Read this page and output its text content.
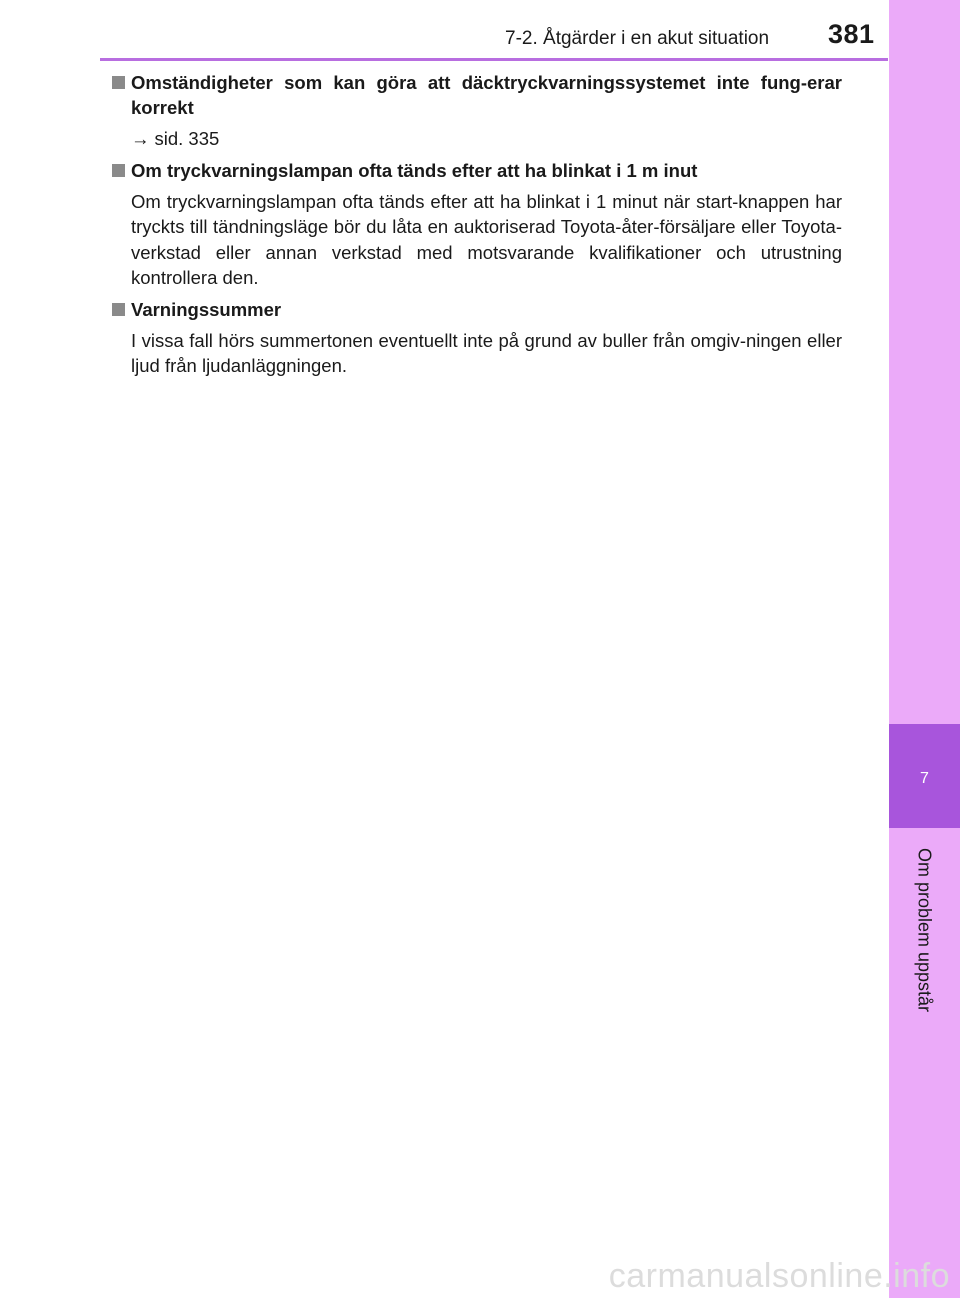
7-2. Åtgärder i en akut situation 381
7
Om problem uppstår
Omständigheter som kan göra att däcktryckvarningssystemet inte fung-erar korrekt
→ sid. 335
Om tryckvarningslampan ofta tänds efter att ha blinkat i 1 m inut
Om tryckvarningslampan ofta tänds efter att ha blinkat i 1 minut när start-knappen har tryckts till tändningsläge bör du låta en auktoriserad Toyota-åter-försäljare eller Toyota-verkstad eller annan verkstad med motsvarande kvalifikationer och utrustning kontrollera den.
Varningssummer
I vissa fall hörs summertonen eventuellt inte på grund av buller från omgiv-ningen eller ljud från ljudanläggningen.
carmanualsonline.info
